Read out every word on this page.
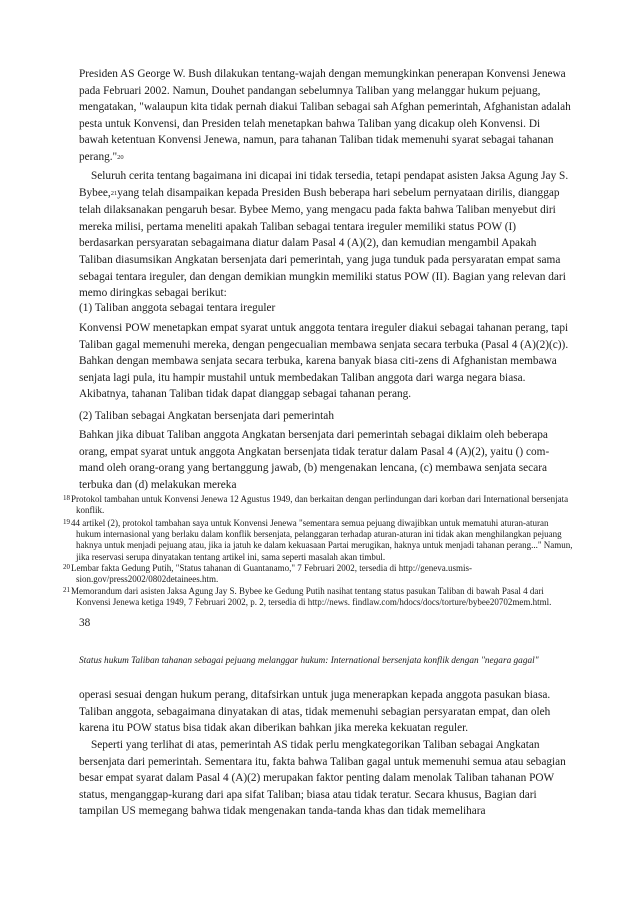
Presiden AS George W. Bush dilakukan tentang-wajah dengan memungkinkan penerapan Konvensi Jenewa pada Februari 2002. Namun, Douhet pandangan sebelumnya Taliban yang melanggar hukum pejuang, mengatakan, "walaupun kita tidak pernah diakui Taliban sebagai sah Afghan pemerintah, Afghanistan adalah pesta untuk Konvensi, dan Presiden telah menetapkan bahwa Taliban yang dicakup oleh Konvensi. Di bawah ketentuan Konvensi Jenewa, namun, para tahanan Taliban tidak memenuhi syarat sebagai tahanan perang."$^{20}$

Seluruh cerita tentang bagaimana ini dicapai ini tidak tersedia, tetapi pendapat asisten Jaksa Agung Jay S. Bybee,$^{21}$yang telah disampaikan kepada Presiden Bush beberapa hari sebelum pernyataan dirilis, dianggap telah dilaksanakan pengaruh besar. Bybee Memo, yang mengacu pada fakta bahwa Taliban menyebut diri mereka milisi, pertama meneliti apakah Taliban sebagai tentara ireguler memiliki status POW (I) berdasarkan persyaratan sebagaimana diatur dalam Pasal 4 (A)(2), dan kemudian mengambil Apakah Taliban diasumsikan Angkatan bersenjata dari pemerintah, yang juga tunduk pada persyaratan empat sama sebagai tentara ireguler, dan dengan demikian mungkin memiliki status POW (II). Bagian yang relevan dari memo diringkas sebagai berikut:

(1) Taliban anggota sebagai tentara ireguler

Konvensi POW menetapkan empat syarat untuk anggota tentara ireguler diakui sebagai tahanan perang, tapi Taliban gagal memenuhi mereka, dengan pengecualian membawa senjata secara terbuka (Pasal 4 (A)(2)(c)). Bahkan dengan membawa senjata secara terbuka, karena banyak biasa citi-zens di Afghanistan membawa senjata lagi pula, itu hampir mustahil untuk membedakan Taliban anggota dari warga negara biasa. Akibatnya, tahanan Taliban tidak dapat dianggap sebagai tahanan perang.

(2) Taliban sebagai Angkatan bersenjata dari pemerintah

Bahkan jika dibuat Taliban anggota Angkatan bersenjata dari pemerintah sebagai diklaim oleh beberapa orang, empat syarat untuk anggota Angkatan bersenjata tidak teratur dalam Pasal 4 (A)(2), yaitu () com-mand oleh orang-orang yang bertanggung jawab, (b) mengenakan lencana, (c) membawa senjata secara terbuka dan (d) melakukan mereka

$^{18}$Protokol tambahan untuk Konvensi Jenewa 12 Agustus 1949, dan berkaitan dengan perlindungan dari korban dari International bersenjata konflik.
$^{19}$44 artikel (2), protokol tambahan saya untuk Konvensi Jenewa "sementara semua pejuang diwajibkan untuk mematuhi aturan-aturan hukum internasional yang berlaku dalam konflik bersenjata, pelanggaran terhadap aturan-aturan ini tidak akan menghilangkan pejuang haknya untuk menjadi pejuang atau, jika ia jatuh ke dalam kekuasaan Partai merugikan, haknya untuk menjadi tahanan perang..." Namun, jika reservasi serupa dinyatakan tentang artikel ini, sama seperti masalah akan timbul.
$^{20}$Lembar fakta Gedung Putih, "Status tahanan di Guantanamo," 7 Februari 2002, tersedia di http://geneva.usmis-sion.gov/press2002/0802detainees.htm.
$^{21}$Memorandum dari asisten Jaksa Agung Jay S. Bybee ke Gedung Putih nasihat tentang status pasukan Taliban di bawah Pasal 4 dari Konvensi Jenewa ketiga 1949, 7 Februari 2002, p. 2, tersedia di http://news. findlaw.com/hdocs/docs/torture/bybee20702mem.html.
38
Status hukum Taliban tahanan sebagai pejuang melanggar hukum: International bersenjata konflik dengan "negara gagal"

operasi sesuai dengan hukum perang, ditafsirkan untuk juga menerapkan kepada anggota pasukan biasa. Taliban anggota, sebagaimana dinyatakan di atas, tidak memenuhi sebagian persyaratan empat, dan oleh karena itu POW status bisa tidak akan diberikan bahkan jika mereka kekuatan reguler.

Seperti yang terlihat di atas, pemerintah AS tidak perlu mengkategorikan Taliban sebagai Angkatan bersenjata dari pemerintah. Sementara itu, fakta bahwa Taliban gagal untuk memenuhi semua atau sebagian besar empat syarat dalam Pasal 4 (A)(2) merupakan faktor penting dalam menolak Taliban tahanan POW status, menganggap-kurang dari apa sifat Taliban; biasa atau tidak teratur. Secara khusus, Bagian dari tampilan US memegang bahwa tidak mengenakan tanda-tanda khas dan tidak memelihara
